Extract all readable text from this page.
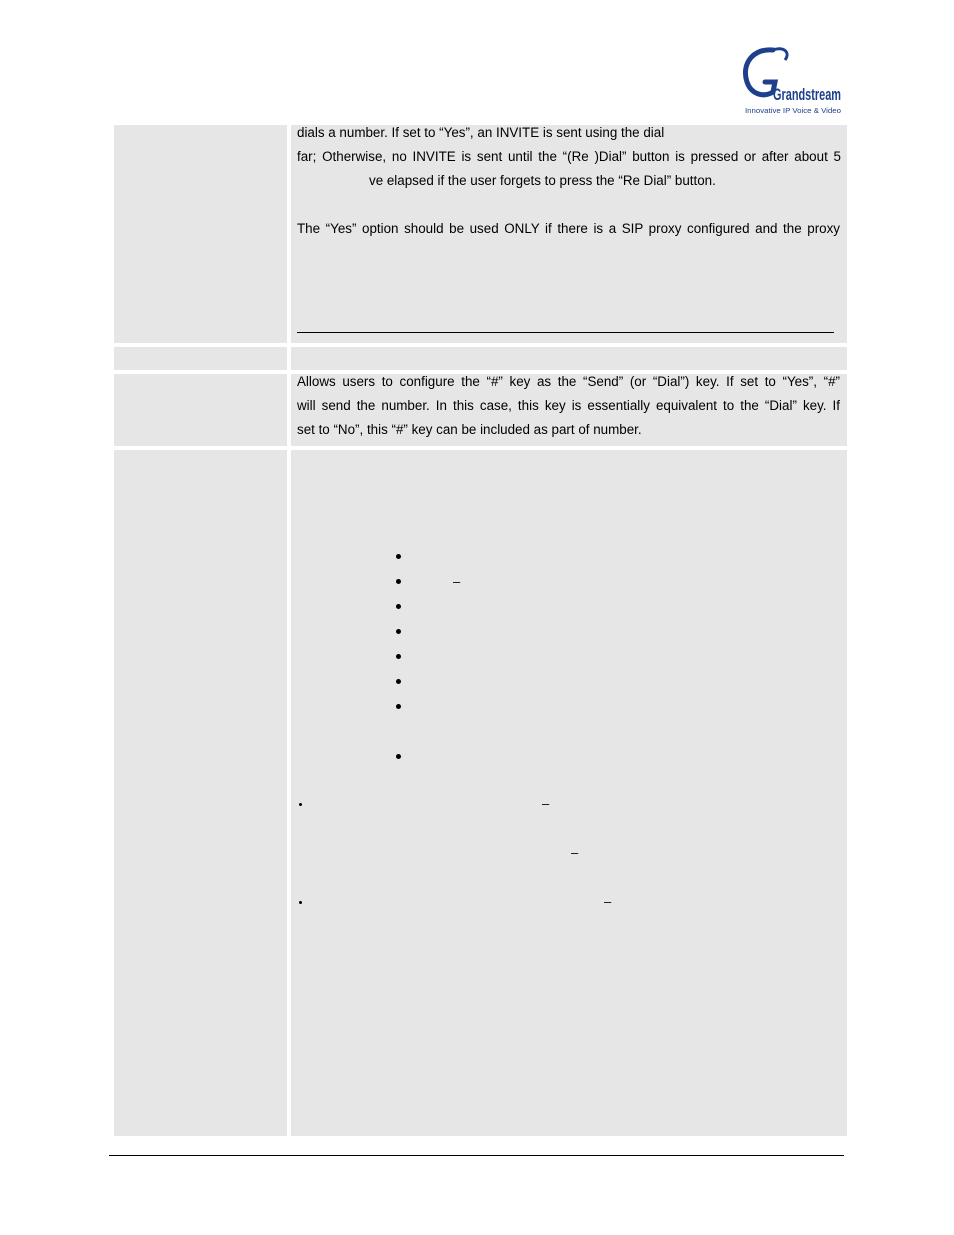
Grandstream
Innovative IP Voice & Video
dials a number. If set to “Yes”, an INVITE is sent using the dial
far; Otherwise, no INVITE is sent until the “(Re )Dial” button is pressed or after about 5
ve elapsed if the user forgets to press the “Re Dial” button.
The “Yes” option should be used ONLY if there is a SIP proxy configured and the proxy
Allows users to configure the “#” key as the “Send” (or “Dial”) key. If set to “Yes”, “#”
will send the number. In this case, this key is essentially equivalent to the “Dial” key. If
set to “No”, this “#” key can be included as part of number.
–
–
–
–
